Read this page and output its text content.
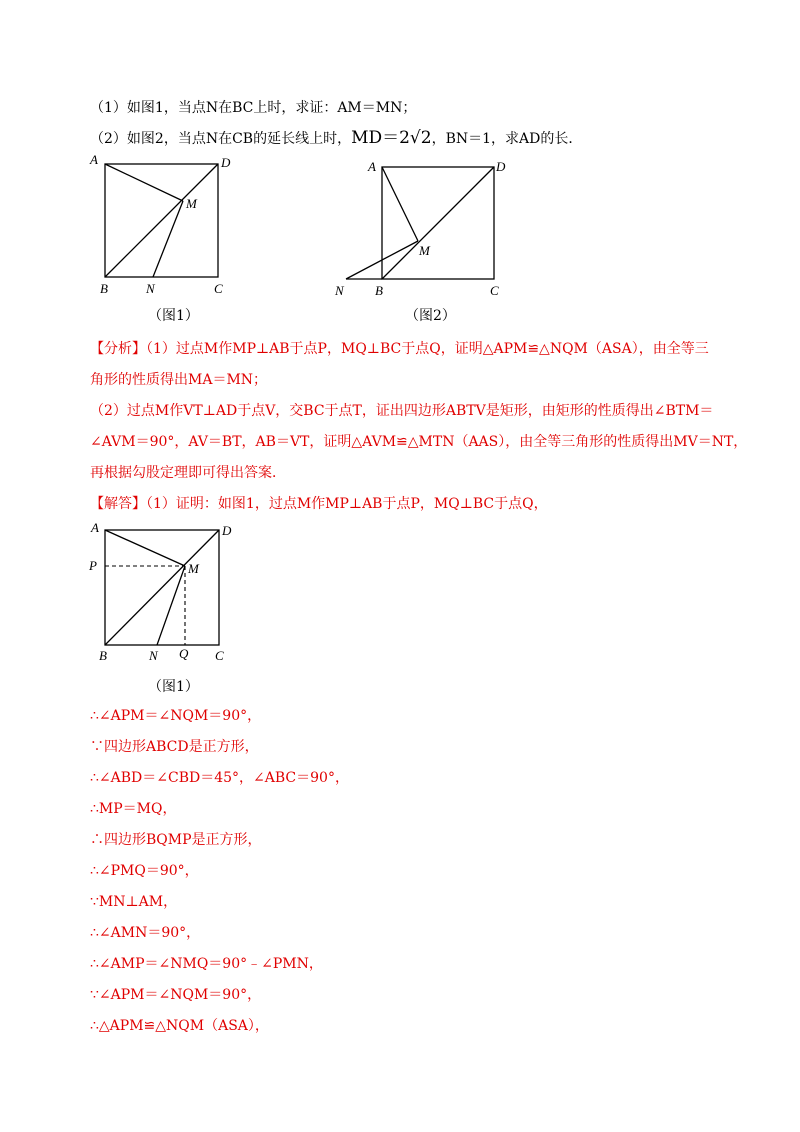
（1）如图1，当点N在BC上时，求证：AM＝MN；
（2）如图2，当点N在CB的延长线上时，MD＝2√2，BN＝1，求AD的长．
A	D
M
B	N	C
（图1）
A	D
M
N B	C
（图2）
【分析】（1）过点M作MP⊥AB于点P，MQ⊥BC于点Q，证明△APM≌△NQM（ASA），由全等三
角形的性质得出MA＝MN；
（2）过点M作VT⊥AD于点V，交BC于点T，证出四边形ABTV是矩形，由矩形的性质得出∠BTM＝
∠AVM＝90°，AV＝BT，AB＝VT，证明△AVM≌△MTN（AAS），由全等三角形的性质得出MV＝NT，
再根据勾股定理即可得出答案．
【解答】（1）证明：如图1，过点M作MP⊥AB于点P，MQ⊥BC于点Q，
A	D
P	M
B	N Q C
（图1）
∴∠APM＝∠NQM＝90°，
∵四边形ABCD是正方形，
∴∠ABD＝∠CBD＝45°，∠ABC＝90°，
∴MP＝MQ，
∴四边形BQMP是正方形，
∴∠PMQ＝90°，
∵MN⊥AM，
∴∠AMN＝90°，
∴∠AMP＝∠NMQ＝90°﹣∠PMN，
∵∠APM＝∠NQM＝90°，
∴△APM≌△NQM（ASA），
